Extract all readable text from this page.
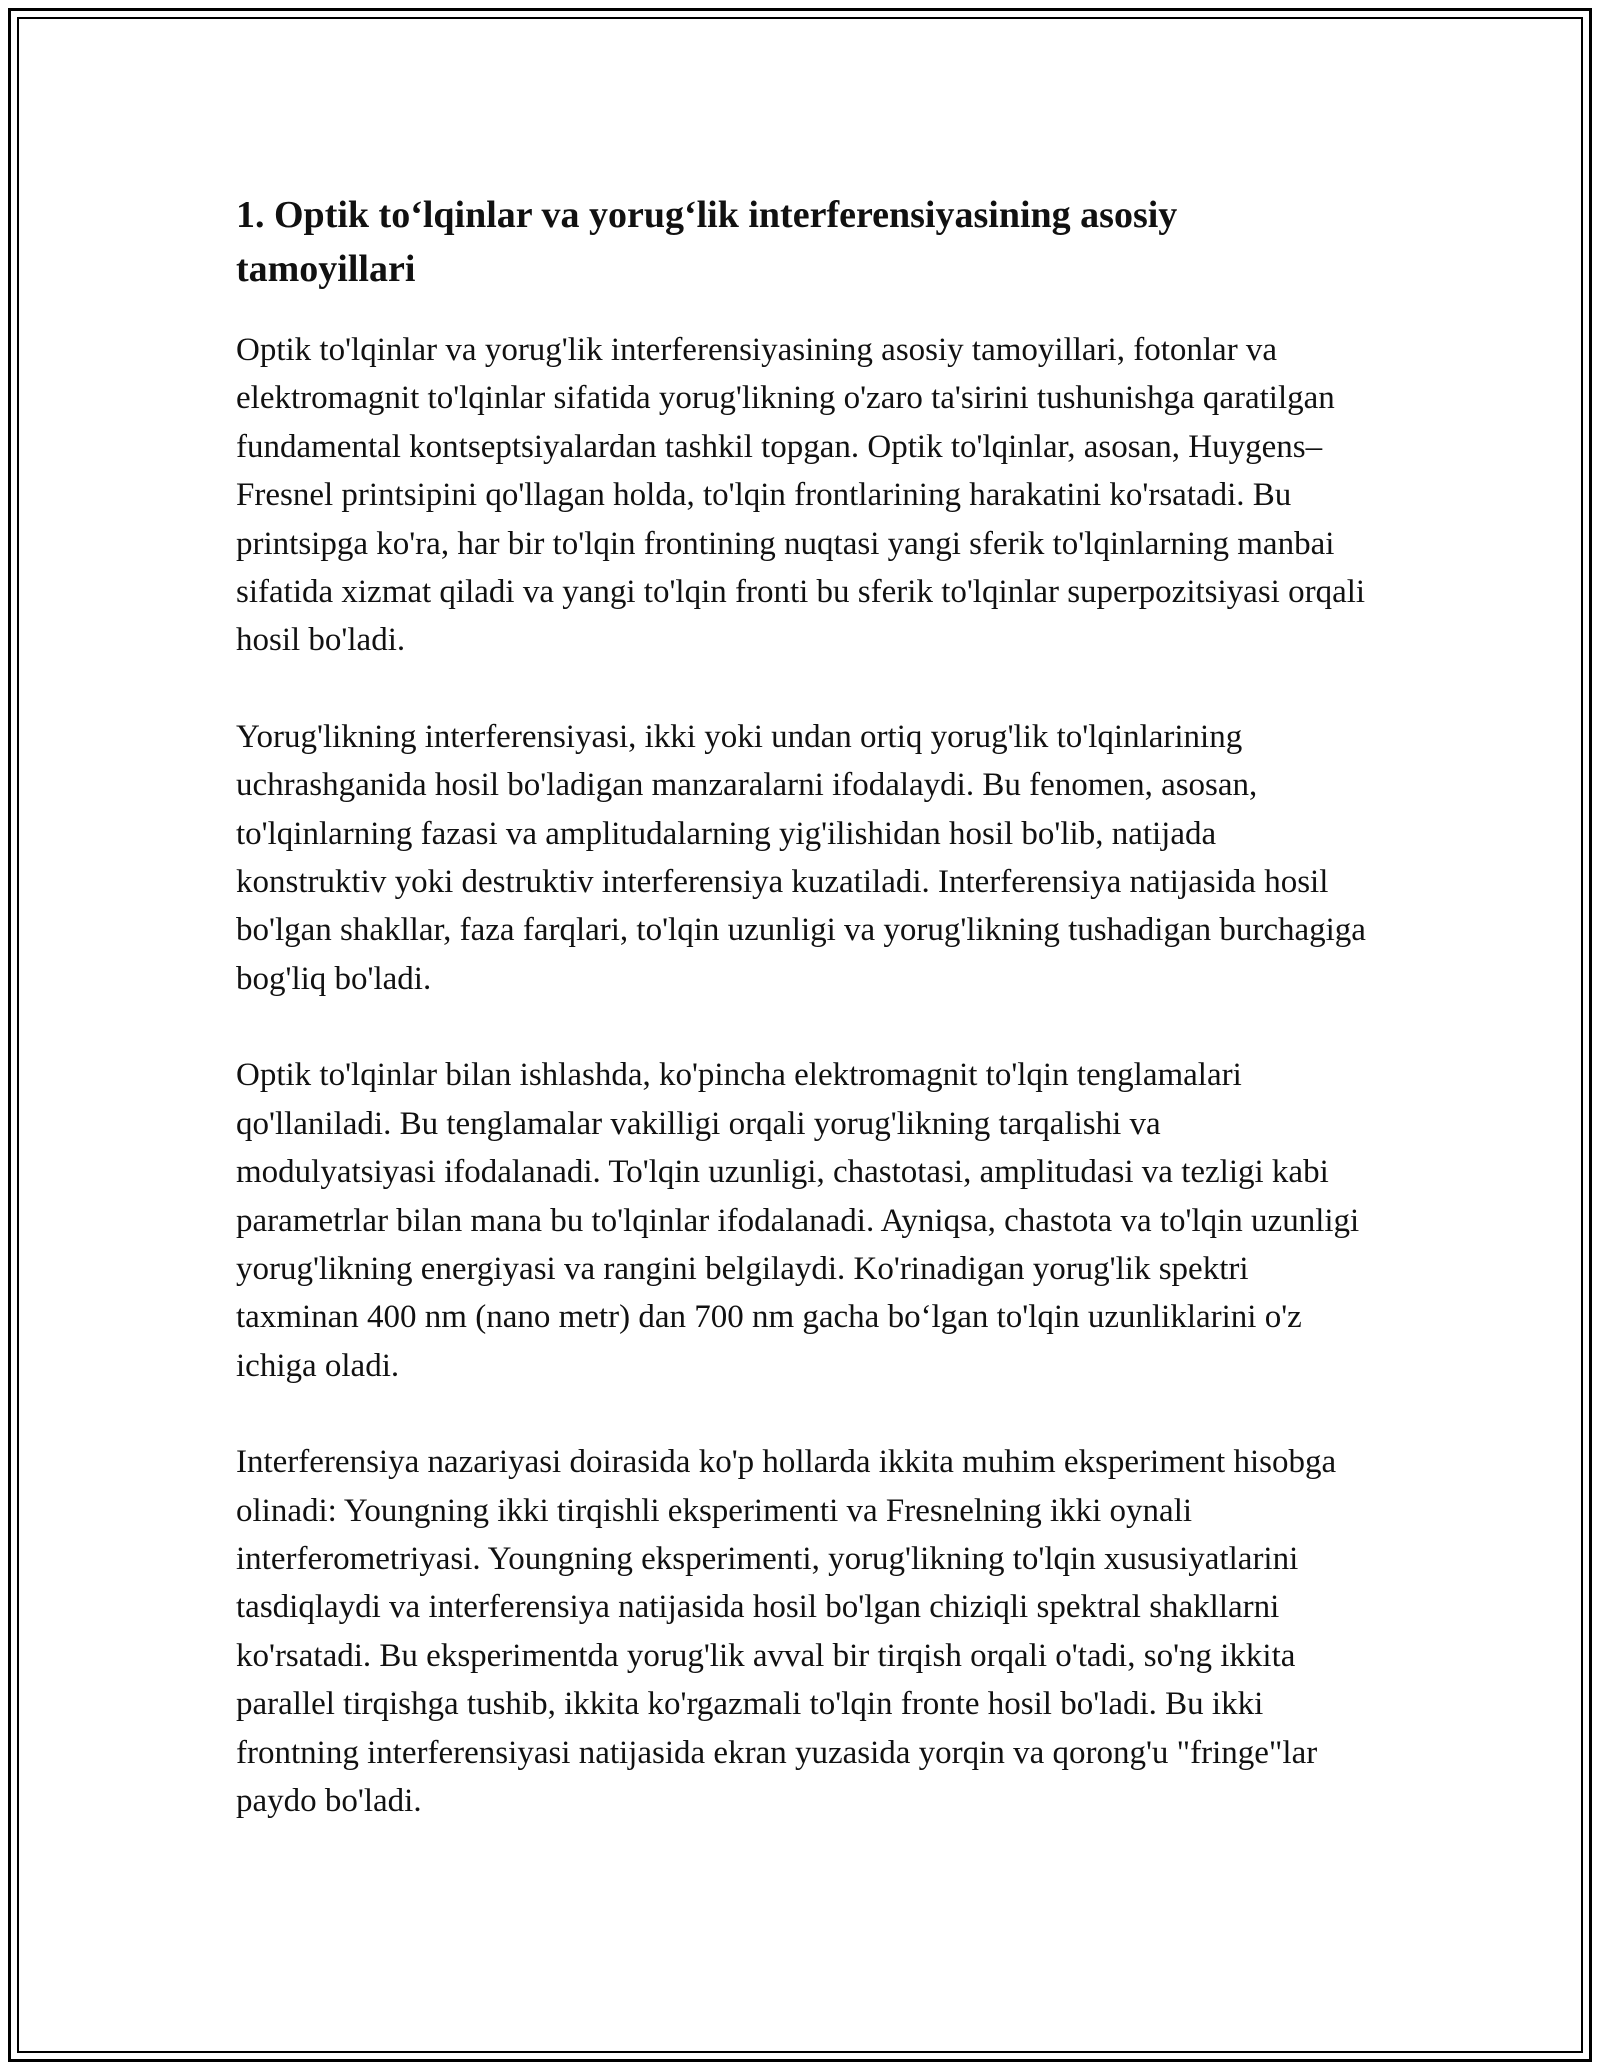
1. Optik to‘lqinlar va yorug‘lik interferensiyasining asosiy tamoyillari

Optik to'lqinlar va yorug'lik interferensiyasining asosiy tamoyillari, fotonlar va elektromagnit to'lqinlar sifatida yorug'likning o'zaro ta'sirini tushunishga qaratilgan fundamental kontseptsiyalardan tashkil topgan. Optik to'lqinlar, asosan, Huygens–Fresnel printsipini qo'llagan holda, to'lqin frontlarining harakatini ko'rsatadi. Bu printsipga ko'ra, har bir to'lqin frontining nuqtasi yangi sferik to'lqinlarning manbai sifatida xizmat qiladi va yangi to'lqin fronti bu sferik to'lqinlar superpozitsiyasi orqali hosil bo'ladi.

Yorug'likning interferensiyasi, ikki yoki undan ortiq yorug'lik to'lqinlarining uchrashganida hosil bo'ladigan manzaralarni ifodalaydi. Bu fenomen, asosan, to'lqinlarning fazasi va amplitudalarning yig'ilishidan hosil bo'lib, natijada konstruktiv yoki destruktiv interferensiya kuzatiladi. Interferensiya natijasida hosil bo'lgan shakllar, faza farqlari, to'lqin uzunligi va yorug'likning tushadigan burchagiga bog'liq bo'ladi.

Optik to'lqinlar bilan ishlashda, ko'pincha elektromagnit to'lqin tenglamalari qo'llaniladi. Bu tenglamalar vakilligi orqali yorug'likning tarqalishi va modulyatsiyasi ifodalanadi. To'lqin uzunligi, chastotasi, amplitudasi va tezligi kabi parametrlar bilan mana bu to'lqinlar ifodalanadi. Ayniqsa, chastota va to'lqin uzunligi yorug'likning energiyasi va rangini belgilaydi. Ko'rinadigan yorug'lik spektri taxminan 400 nm (nano metr) dan 700 nm gacha bo‘lgan to'lqin uzunliklarini o'z ichiga oladi.

Interferensiya nazariyasi doirasida ko'p hollarda ikkita muhim eksperiment hisobga olinadi: Youngning ikki tirqishli eksperimenti va Fresnelning ikki oynali interferometriyasi. Youngning eksperimenti, yorug'likning to'lqin xususiyatlarini tasdiqlaydi va interferensiya natijasida hosil bo'lgan chiziqli spektral shakllarni ko'rsatadi. Bu eksperimentda yorug'lik avval bir tirqish orqali o'tadi, so'ng ikkita parallel tirqishga tushib, ikkita ko'rgazmali to'lqin fronte hosil bo'ladi. Bu ikki frontning interferensiyasi natijasida ekran yuzasida yorqin va qorong'u "fringe"lar paydo bo'ladi.
